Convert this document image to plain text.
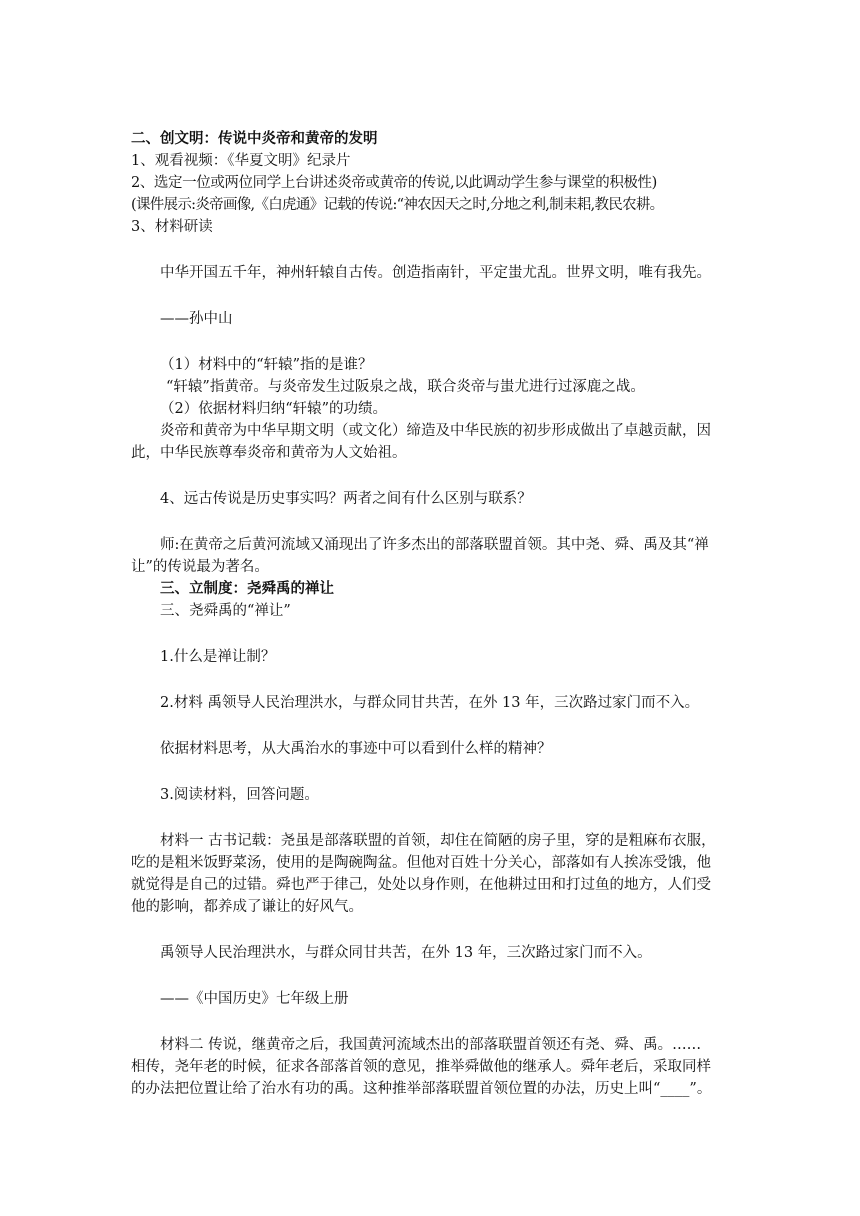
二、创文明：传说中炎帝和黄帝的发明

1、观看视频：《华夏文明》纪录片

2、选定一位或两位同学上台讲述炎帝或黄帝的传说,以此调动学生参与课堂的积极性)

(课件展示:炎帝画像,《白虎通》记载的传说:“神农因天之时,分地之利,制耒耜,教民农耕。

3、材料研读

中华开国五千年，神州轩辕自古传。创造指南针，平定蚩尤乱。世界文明，唯有我先。

——孙中山

（1）材料中的“轩辕”指的是谁？

“轩辕”指黄帝。与炎帝发生过阪泉之战，联合炎帝与蚩尤进行过涿鹿之战。

（2）依据材料归纳“轩辕”的功绩。

炎帝和黄帝为中华早期文明（或文化）缔造及中华民族的初步形成做出了卓越贡献，因

此，中华民族尊奉炎帝和黄帝为人文始祖。

4、远古传说是历史事实吗？两者之间有什么区别与联系？

师:在黄帝之后黄河流域又涌现出了许多杰出的部落联盟首领。其中尧、舜、禹及其“禅

让”的传说最为著名。

三、立制度：尧舜禹的禅让

三、尧舜禹的“禅让”

1.什么是禅让制？

2.材料 禹领导人民治理洪水，与群众同甘共苦，在外 13 年，三次路过家门而不入。

依据材料思考，从大禹治水的事迹中可以看到什么样的精神？

3.阅读材料，回答问题。

材料一 古书记载：尧虽是部落联盟的首领，却住在简陋的房子里，穿的是粗麻布衣服，

吃的是粗米饭野菜汤，使用的是陶碗陶盆。但他对百姓十分关心，部落如有人挨冻受饿，他

就觉得是自己的过错。舜也严于律己，处处以身作则，在他耕过田和打过鱼的地方，人们受

他的影响，都养成了谦让的好风气。

禹领导人民治理洪水，与群众同甘共苦，在外 13 年，三次路过家门而不入。

——《中国历史》七年级上册

材料二 传说，继黄帝之后，我国黄河流域杰出的部落联盟首领还有尧、舜、禹。……

相传，尧年老的时候，征求各部落首领的意见，推举舜做他的继承人。舜年老后，采取同样

的办法把位置让给了治水有功的禹。这种推举部落联盟首领位置的办法，历史上叫“____”。
